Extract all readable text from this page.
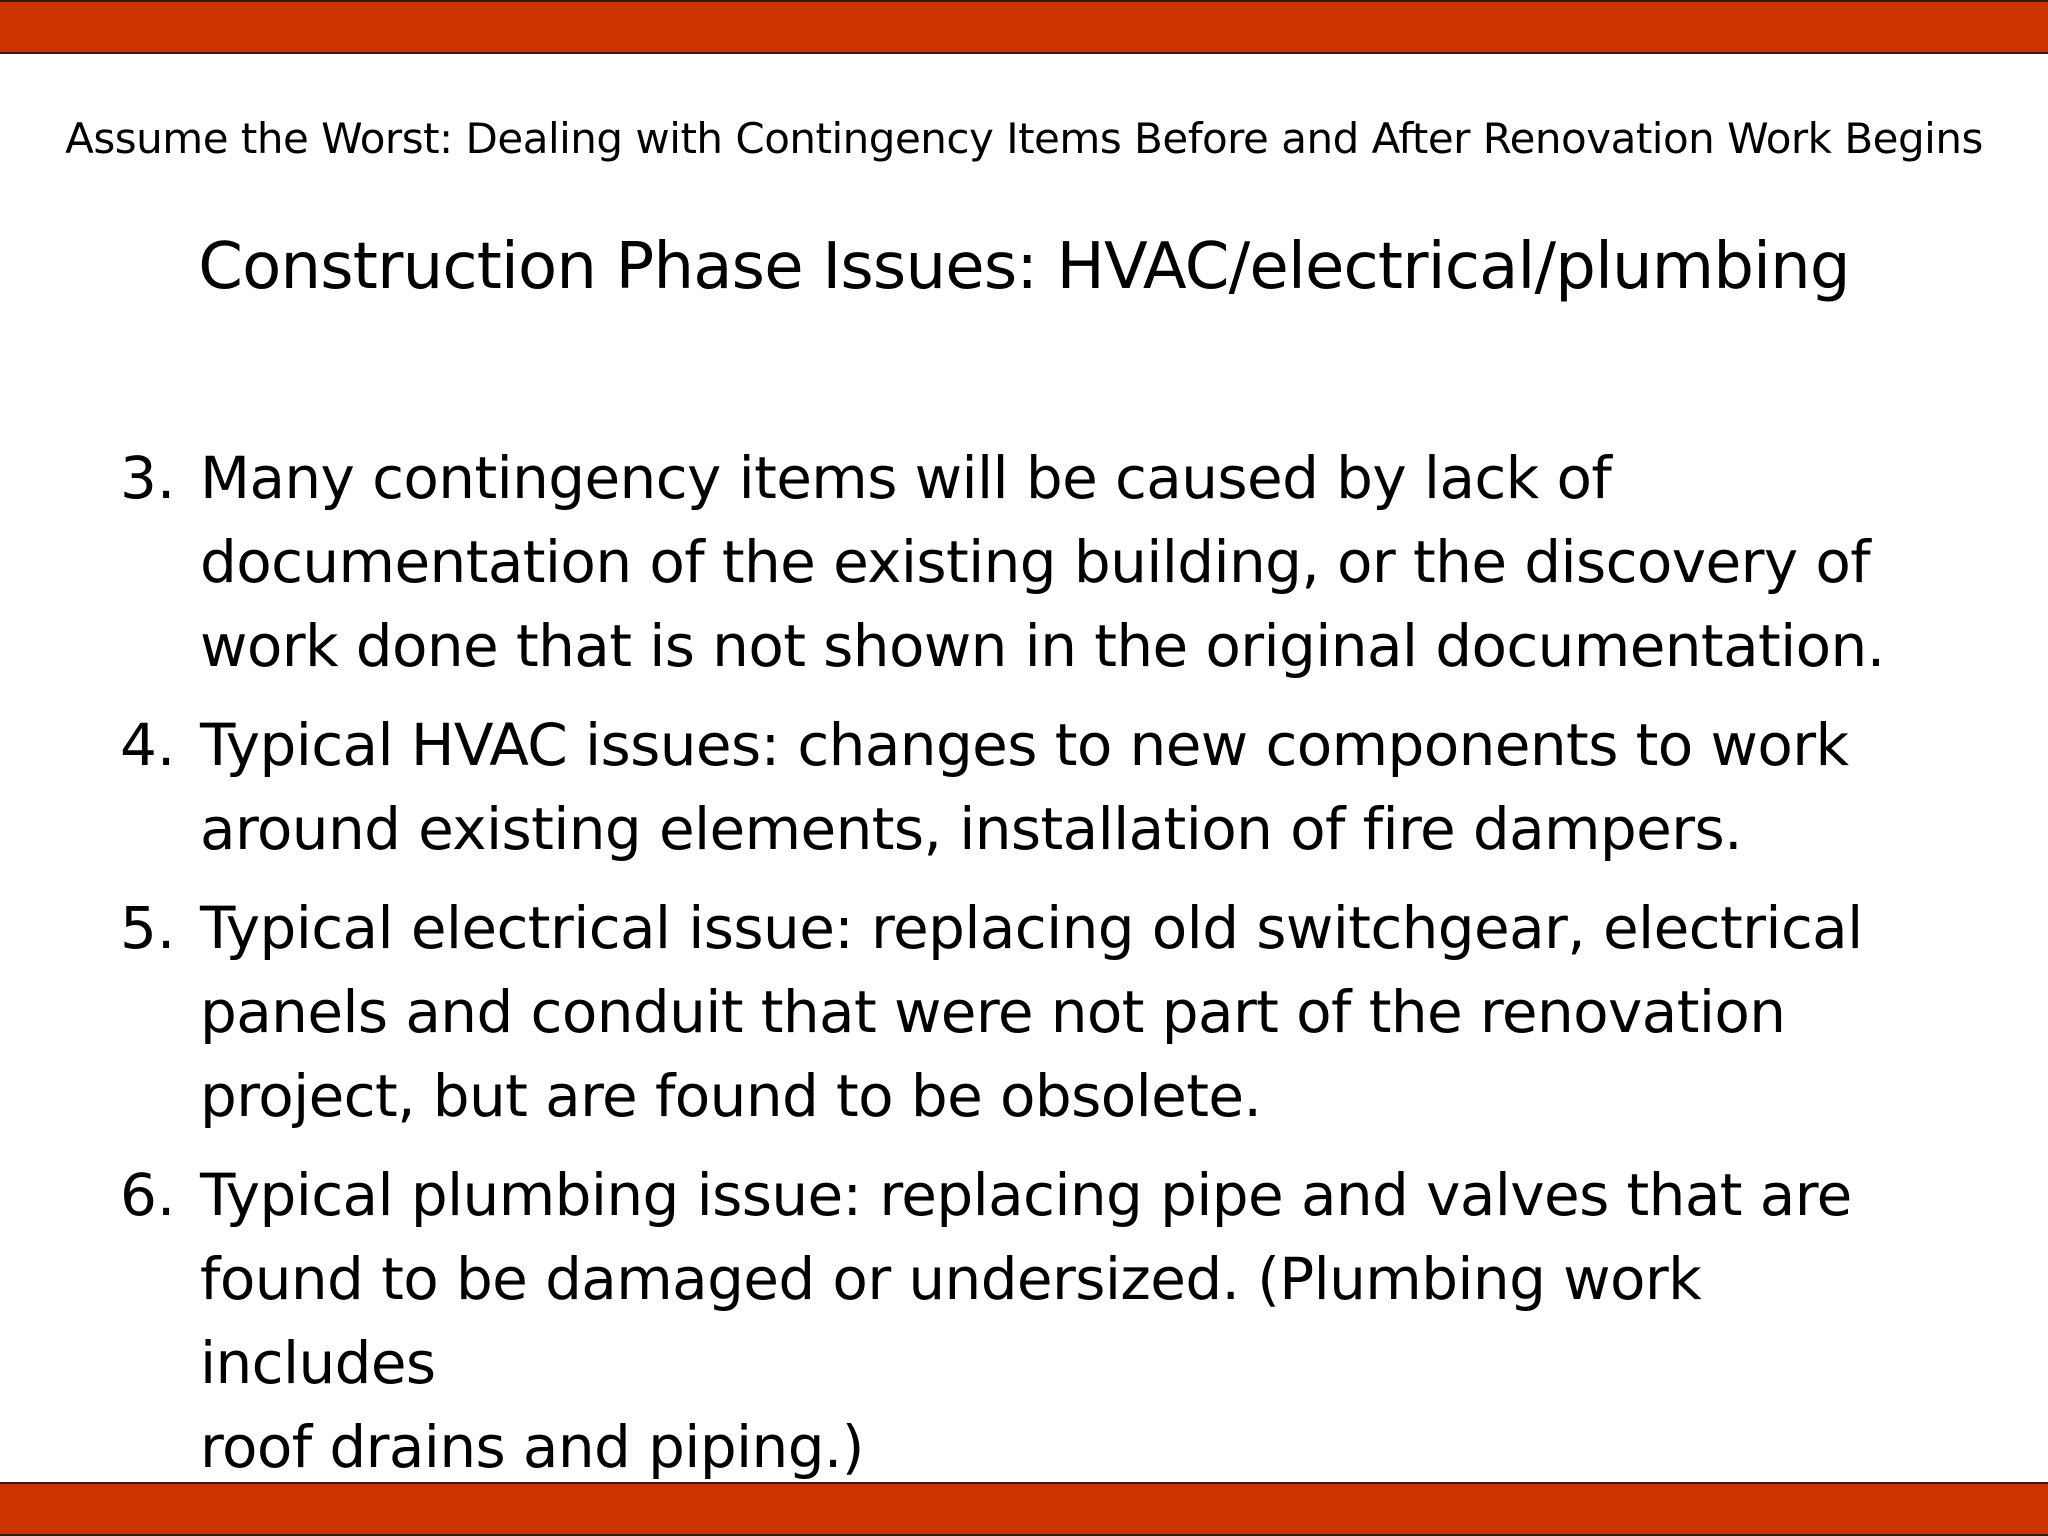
Assume the Worst: Dealing with Contingency Items Before and After Renovation Work Begins
Construction Phase Issues: HVAC/electrical/plumbing
3. Many contingency items will be caused by lack of
documentation of the existing building, or the discovery of
work done that is not shown in the original documentation.
4. Typical HVAC issues: changes to new components to work
around existing elements, installation of fire dampers.
5. Typical electrical issue: replacing old switchgear, electrical
panels and conduit that were not part of the renovation
project, but are found to be obsolete.
6. Typical plumbing issue: replacing pipe and valves that are
found to be damaged or undersized. (Plumbing work includes
roof drains and piping.)
